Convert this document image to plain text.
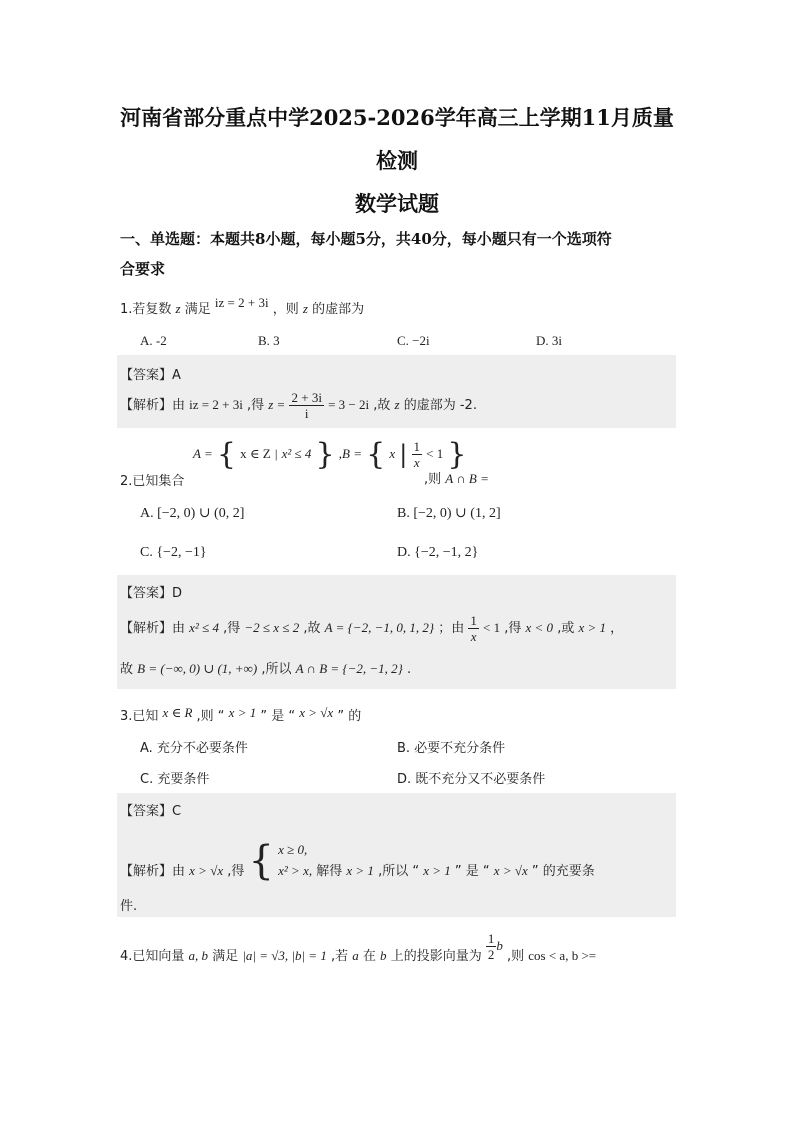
河南省部分重点中学2025-2026学年高三上学期11月质量
检测
数学试题
一、单选题：本题共8小题，每小题5分，共40分，每小题只有一个选项符
合要求
1.若复数 z 满足 iz = 2 + 3i ，则 z 的虚部为
A. -2	B. 3	C. −2i	D. 3i
【答案】A
【解析】由 iz = 2 + 3i ,得 $z = \frac{2 + 3i}{i} = 3 - 2i$ ,故 z 的虚部为 -2.
A = { x ∈ Z | x² ≤ 4 } ,B = { x | $\frac{1}{x} < 1$ }
2.已知集合	,则 A ∩ B =
A. [−2, 0) ∪ (0, 2]	B. [−2, 0) ∪ (1, 2]
C. {−2, −1}	D. {−2, −1, 2}
【答案】D
【解析】由 x² ≤ 4 ,得 −2 ≤ x ≤ 2 ,故 A = {−2, −1, 0, 1, 2} ；由 $\frac{1}{x} < 1$ ,得 x < 0 ,或 x > 1 ，
故 B = (−∞, 0) ∪ (1, +∞) ,所以 A ∩ B = {−2, −1, 2} .
3.已知 x ∈ R ,则 “ x > 1 ” 是 “ x > √x ” 的
A. 充分不必要条件	B. 必要不充分条件
C. 充要条件	D. 既不充分又不必要条件
【答案】C
【解析】由 x > √x ,得 { x ≥ 0,
x² > x, 解得 x > 1 ,所以 “ x > 1 ” 是 “ x > √x ” 的充要条
件.
4.已知向量 a, b 满足 |a| = √3, |b| = 1 ,若 a 在 b 上的投影向量为 $\frac{1}{2}$ b ,则 cos < a, b >=
